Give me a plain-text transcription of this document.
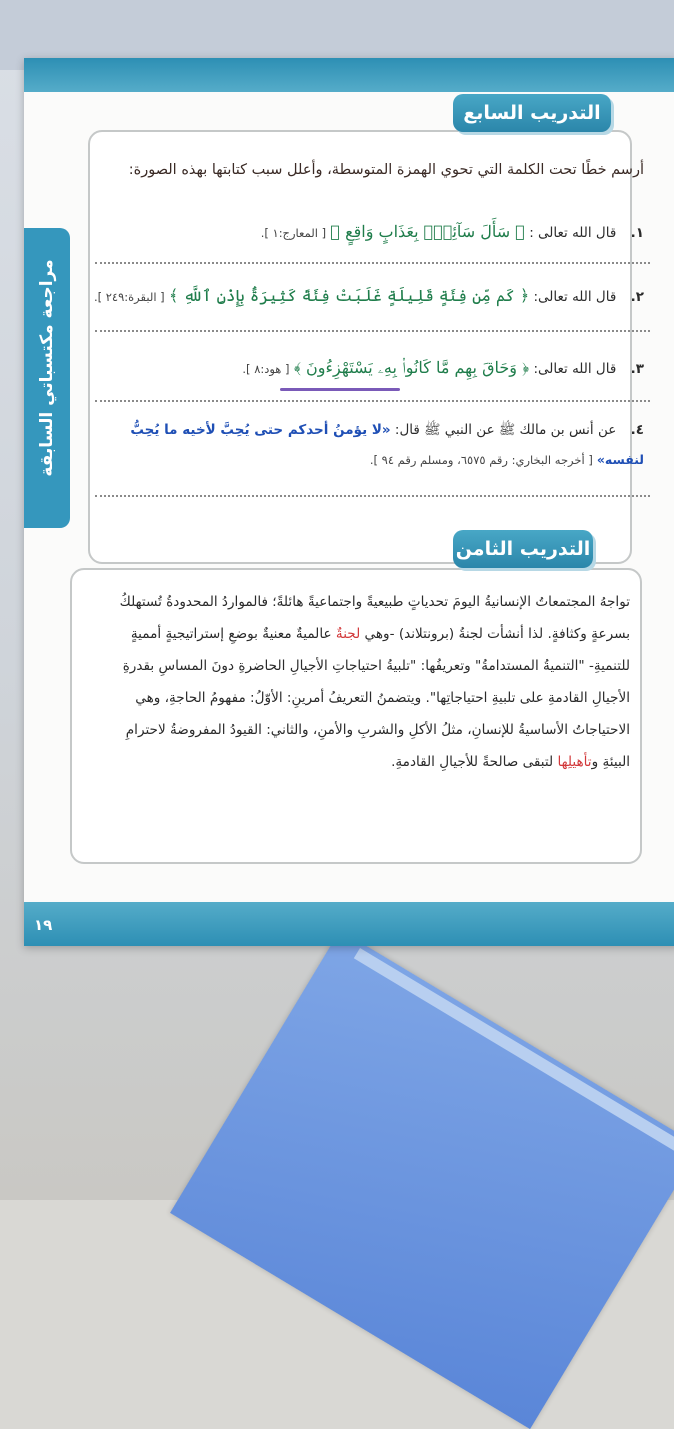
١٩
مراجعة مكتسباتي السابقة
التدريب السابع
أرسم خطًا تحت الكلمة التي تحوي الهمزة المتوسطة، وأعلل سبب كتابتها بهذه الصورة:
١. قال الله تعالى : ﴿ سَأَلَ سَآئِلٌۢ بِعَذَابٍ وَاقِعٍ ﴾ [ المعارج:١ ].
٢. قال الله تعالى: ﴿ كَم مِّن فِئَةٍ قَلِيلَةٍ غَلَبَتْ فِئَةً كَثِيرَةًۢ بِإِذْنِ ٱللَّهِ ﴾ [ البقرة:٢٤٩ ].
٣. قال الله تعالى: ﴿ وَحَاقَ بِهِم مَّا كَانُوا۟ بِهِۦ يَسْتَهْزِءُونَ ﴾ [ هود:٨ ].
٤. عن أنس بن مالك ﷺ عن النبي ﷺ قال: «لا يؤمنُ أحدكم حتى يُحِبَّ لأخيه ما يُحِبُّ
لنفسه» [ أخرجه البخاري: رقم ٦٥٧٥، ومسلم رقم ٩٤ ].
التدريب الثامن
تواجهُ المجتمعاتُ الإنسانيةُ اليومَ تحدياتٍ طبيعيةً واجتماعيةً هائلةً؛ فالمواردُ المحدودةُ تُستهلكُ
بسرعةٍ وكثافةٍ. لذا أنشأت لجنةُ (برونتلاند) -وهي لجنةٌ عالميةٌ معنيةٌ بوضعِ إستراتيجيةٍ أمميةٍ
للتنميةِ- "التنميةُ المستدامةُ" وتعريفُها: "تلبيةُ احتياجاتِ الأجيالِ الحاضرةِ دونَ المساسِ بقدرةِ
الأجيالِ القادمةِ على تلبيةِ احتياجاتِها". ويتضمنُ التعريفُ أمرينِ: الأوّلُ: مفهومُ الحاجةِ، وهي
الاحتياجاتُ الأساسيةُ للإنسانِ، مثلُ الأكلِ والشربِ والأمنِ، والثاني: القيودُ المفروضةُ لاحترامِ
البيئةِ وتأهيلِها لتبقى صالحةً للأجيالِ القادمةِ.
